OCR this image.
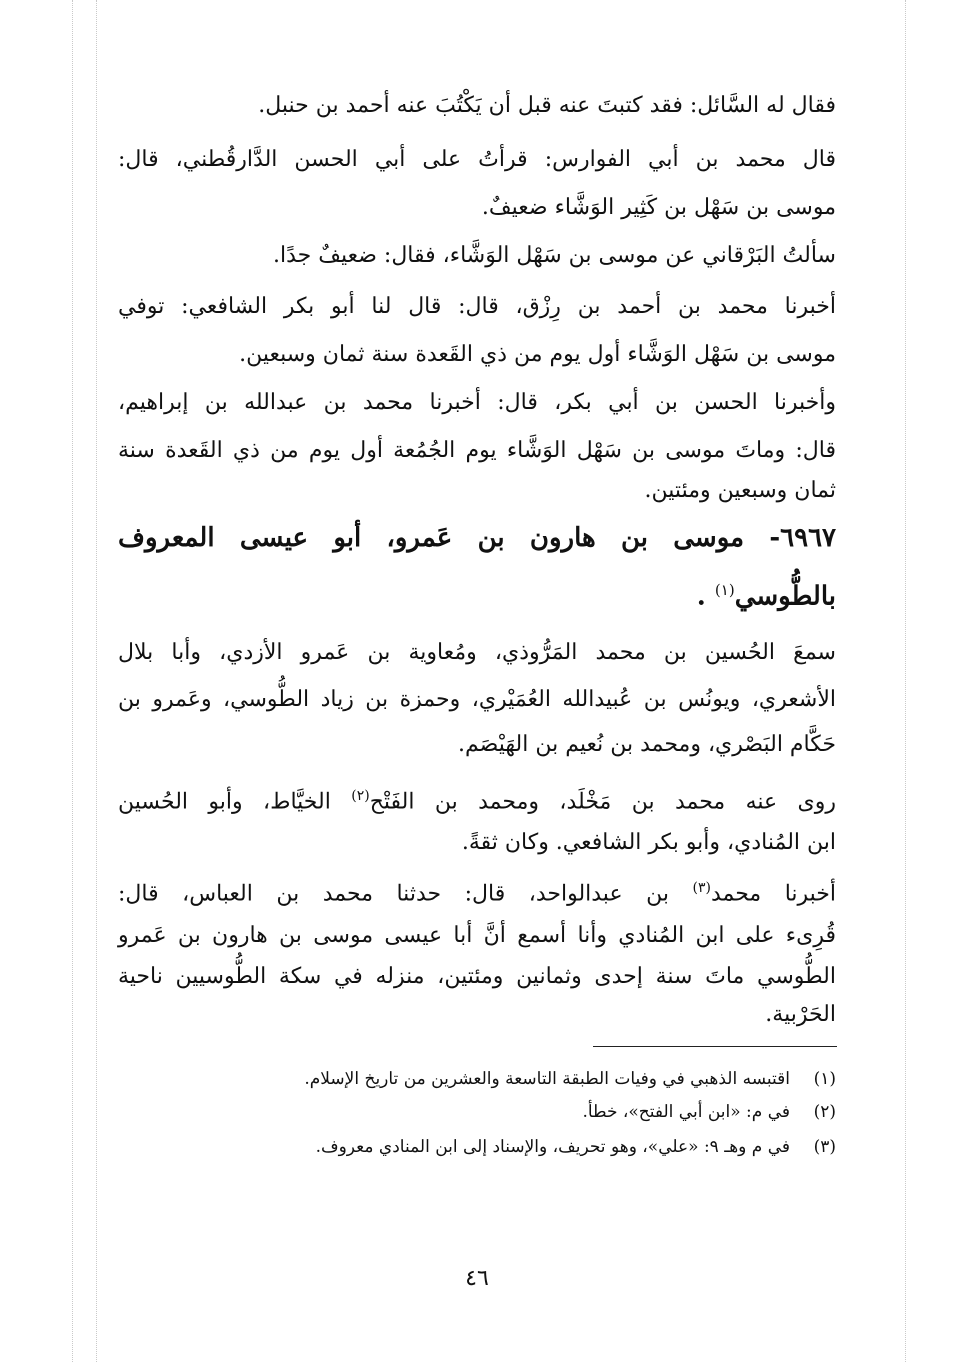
فقال له السَّائل: فقد كتبتَ عنه قبل أن يَكْتُبَ عنه أحمد بن حنبل.
قال محمد بن أبي الفوارس: قرأتُ على أبي الحسن الدَّارقُطني، قال:
موسى بن سَهْل بن كَثِير الوَشَّاء ضعيفٌ.
سألتُ البَرْقاني عن موسى بن سَهْل الوَشَّاء، فقال: ضعيفٌ جدًا.
أخبرنا محمد بن أحمد بن رِزْق، قال: قال لنا أبو بكر الشافعي: توفي
موسى بن سَهْل الوَشَّاء أول يوم من ذي القَعدة سنة ثمان وسبعين.
وأخبرنا الحسن بن أبي بكر، قال: أخبرنا محمد بن عبدالله بن إبراهيم،
قال: وماتَ موسى بن سَهْل الوَشَّاء يوم الجُمُعة أول يوم من ذي القَعدة سنة
ثمان وسبعين ومئتين.
٦٩٦٧- موسى بن هارون بن عَمرو، أبو عيسى المعروف
بالطُّوسي$^{(١)}$ .
سمعَ الحُسين بن محمد المَرُّوذي، ومُعاوية بن عَمرو الأزدي، وأبا بلال
الأشعري، ويونُس بن عُبيدالله العُمَيْري، وحمزة بن زياد الطُّوسي، وعَمرو بن
حَكَّام البَصْري، ومحمد بن نُعيم بن الهَيْصَم.
روى عنه محمد بن مَخْلَد، ومحمد بن الفَتْح$^{(٢)}$ الخيَّاط، وأبو الحُسين
ابن المُنادي، وأبو بكر الشافعي. وكان ثقةً.
أخبرنا محمد$^{(٣)}$ بن عبدالواحد، قال: حدثنا محمد بن العباس، قال:
قُرِىء على ابن المُنادي وأنا أسمع أنَّ أبا عيسى موسى بن هارون بن عَمرو
الطُّوسي ماتَ سنة إحدى وثمانين ومئتين، منزله في سكة الطُّوسيين ناحية
الحَرْبية.
(١)اقتبسه الذهبي في وفيات الطبقة التاسعة والعشرين من تاريخ الإسلام.
(٢)في م: «ابن أبي الفتح»، خطأ.
(٣)في م وهـ ٩: «علي»، وهو تحريف، والإسناد إلى ابن المنادي معروف.
٤٦
